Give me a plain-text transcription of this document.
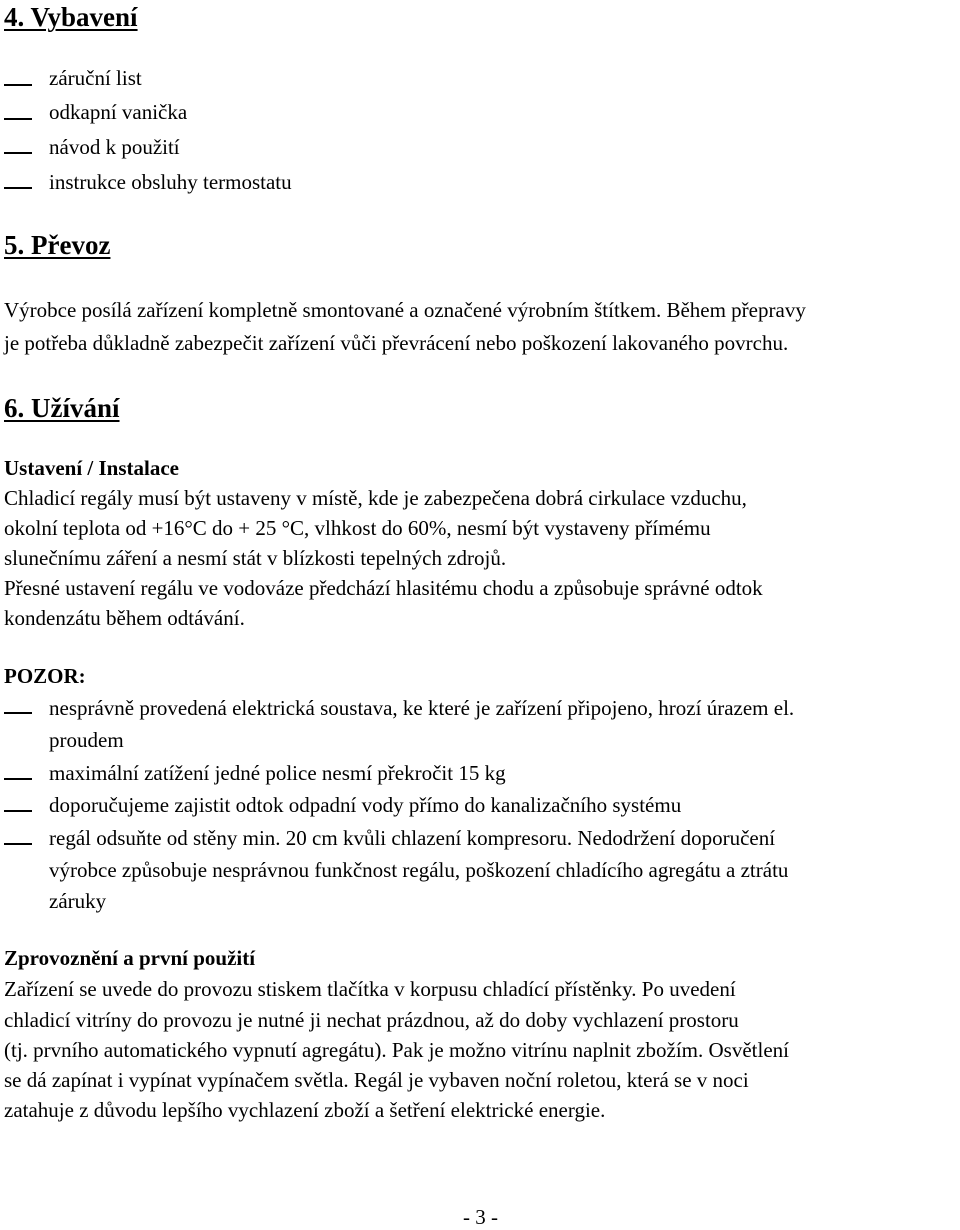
4. Vybavení
záruční list
odkapní vanička
návod k použití
instrukce obsluhy termostatu
5. Převoz
Výrobce posílá zařízení kompletně smontované a označené výrobním štítkem. Během přepravy
je potřeba důkladně zabezpečit zařízení vůči převrácení nebo poškození lakovaného povrchu.
6. Užívání
Ustavení / Instalace
Chladicí regály musí být ustaveny v místě, kde je zabezpečena dobrá cirkulace vzduchu,
okolní teplota od +16°C do + 25 °C, vlhkost do 60%, nesmí být vystaveny přímému
slunečnímu záření a nesmí stát v blízkosti tepelných zdrojů.
Přesné ustavení regálu ve vodováze předchází hlasitému chodu a způsobuje správné odtok
kondenzátu během odtávání.
POZOR:
nesprávně provedená elektrická soustava, ke které je zařízení připojeno, hrozí úrazem el.
proudem
maximální zatížení jedné police nesmí překročit 15 kg
doporučujeme zajistit odtok odpadní vody přímo do kanalizačního systému
regál odsuňte od stěny min. 20 cm kvůli chlazení kompresoru. Nedodržení doporučení
výrobce způsobuje nesprávnou funkčnost regálu, poškození chladícího agregátu a ztrátu
záruky
Zprovoznění a první použití
Zařízení se uvede do provozu stiskem tlačítka v korpusu chladící přístěnky. Po uvedení
chladicí vitríny do provozu je nutné ji nechat prázdnou, až do doby vychlazení prostoru
(tj. prvního automatického vypnutí agregátu). Pak je možno vitrínu naplnit zbožím. Osvětlení
se dá zapínat i vypínat vypínačem světla. Regál je vybaven noční roletou, která se v noci
zatahuje z důvodu lepšího vychlazení zboží a šetření elektrické energie.
- 3 -
